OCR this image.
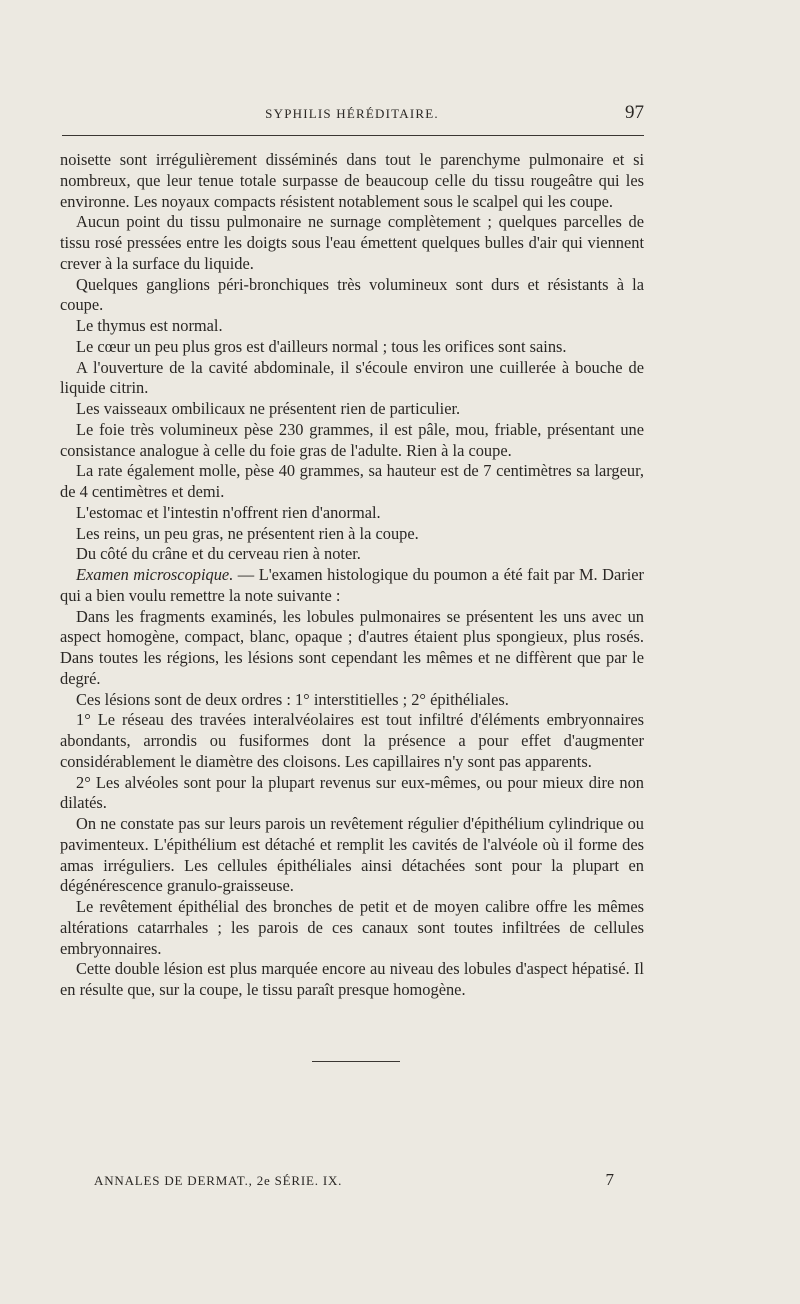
SYPHILIS HÉRÉDITAIRE.	97

noisette sont irrégulièrement disséminés dans tout le parenchyme pulmonaire et si nombreux, que leur tenue totale surpasse de beaucoup celle du tissu rougeâtre qui les environne. Les noyaux compacts résistent notablement sous le scalpel qui les coupe.

Aucun point du tissu pulmonaire ne surnage complètement ; quelques parcelles de tissu rosé pressées entre les doigts sous l'eau émettent quelques bulles d'air qui viennent crever à la surface du liquide.

Quelques ganglions péri-bronchiques très volumineux sont durs et résistants à la coupe.

Le thymus est normal.

Le cœur un peu plus gros est d'ailleurs normal ; tous les orifices sont sains.

A l'ouverture de la cavité abdominale, il s'écoule environ une cuillerée à bouche de liquide citrin.

Les vaisseaux ombilicaux ne présentent rien de particulier.

Le foie très volumineux pèse 230 grammes, il est pâle, mou, friable, présentant une consistance analogue à celle du foie gras de l'adulte. Rien à la coupe.

La rate également molle, pèse 40 grammes, sa hauteur est de 7 centimètres sa largeur, de 4 centimètres et demi.

L'estomac et l'intestin n'offrent rien d'anormal.

Les reins, un peu gras, ne présentent rien à la coupe.

Du côté du crâne et du cerveau rien à noter.

Examen microscopique. — L'examen histologique du poumon a été fait par M. Darier qui a bien voulu remettre la note suivante :

Dans les fragments examinés, les lobules pulmonaires se présentent les uns avec un aspect homogène, compact, blanc, opaque ; d'autres étaient plus spongieux, plus rosés. Dans toutes les régions, les lésions sont cependant les mêmes et ne diffèrent que par le degré.

Ces lésions sont de deux ordres : 1° interstitielles ; 2° épithéliales.

1° Le réseau des travées interalvéolaires est tout infiltré d'éléments embryonnaires abondants, arrondis ou fusiformes dont la présence a pour effet d'augmenter considérablement le diamètre des cloisons. Les capillaires n'y sont pas apparents.

2° Les alvéoles sont pour la plupart revenus sur eux-mêmes, ou pour mieux dire non dilatés.

On ne constate pas sur leurs parois un revêtement régulier d'épithélium cylindrique ou pavimenteux. L'épithélium est détaché et remplit les cavités de l'alvéole où il forme des amas irréguliers. Les cellules épithéliales ainsi détachées sont pour la plupart en dégénérescence granulo-graisseuse.

Le revêtement épithélial des bronches de petit et de moyen calibre offre les mêmes altérations catarrhales ; les parois de ces canaux sont toutes infiltrées de cellules embryonnaires.

Cette double lésion est plus marquée encore au niveau des lobules d'aspect hépatisé. Il en résulte que, sur la coupe, le tissu paraît presque homogène.

ANNALES DE DERMAT., 2e SÉRIE. IX.	7
